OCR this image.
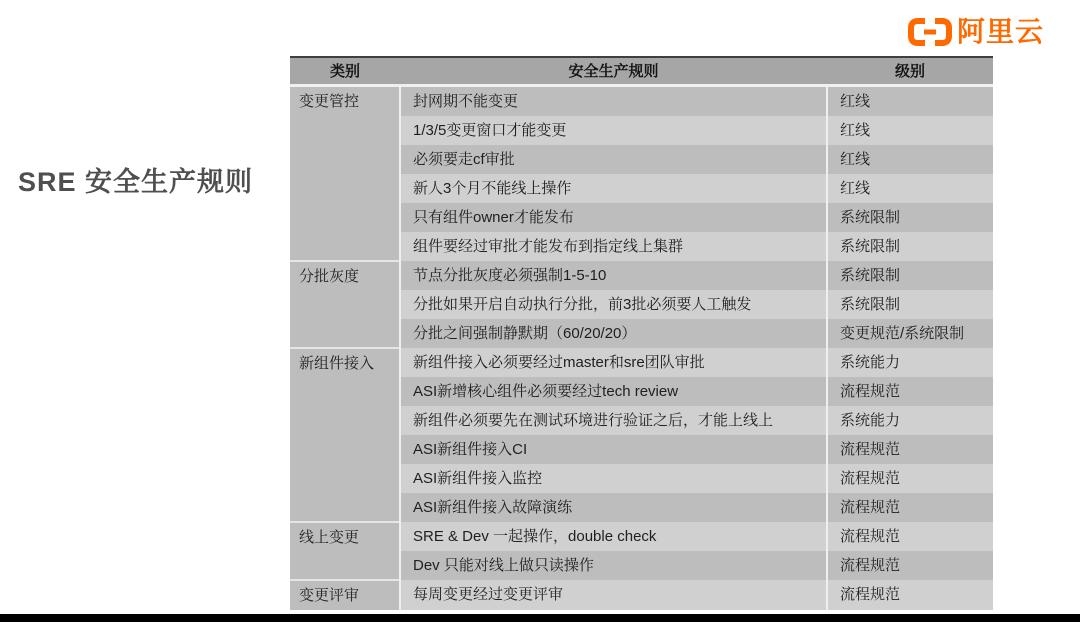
SRE 安全生产规则
阿里云
类别	安全生产规则	级别
变更管控	封网期不能变更	红线
	1/3/5变更窗口才能变更	红线
	必须要走cf审批	红线
	新人3个月不能线上操作	红线
	只有组件owner才能发布	系统限制
	组件要经过审批才能发布到指定线上集群	系统限制
分批灰度	节点分批灰度必须强制1-5-10	系统限制
	分批如果开启自动执行分批，前3批必须要人工触发	系统限制
	分批之间强制静默期（60/20/20）	变更规范/系统限制
新组件接入	新组件接入必须要经过master和sre团队审批	系统能力
	ASI新增核心组件必须要经过tech review	流程规范
	新组件必须要先在测试环境进行验证之后，才能上线上	系统能力
	ASI新组件接入CI	流程规范
	ASI新组件接入监控	流程规范
	ASI新组件接入故障演练	流程规范
线上变更	SRE & Dev 一起操作，double check	流程规范
	Dev 只能对线上做只读操作	流程规范
变更评审	每周变更经过变更评审	流程规范
